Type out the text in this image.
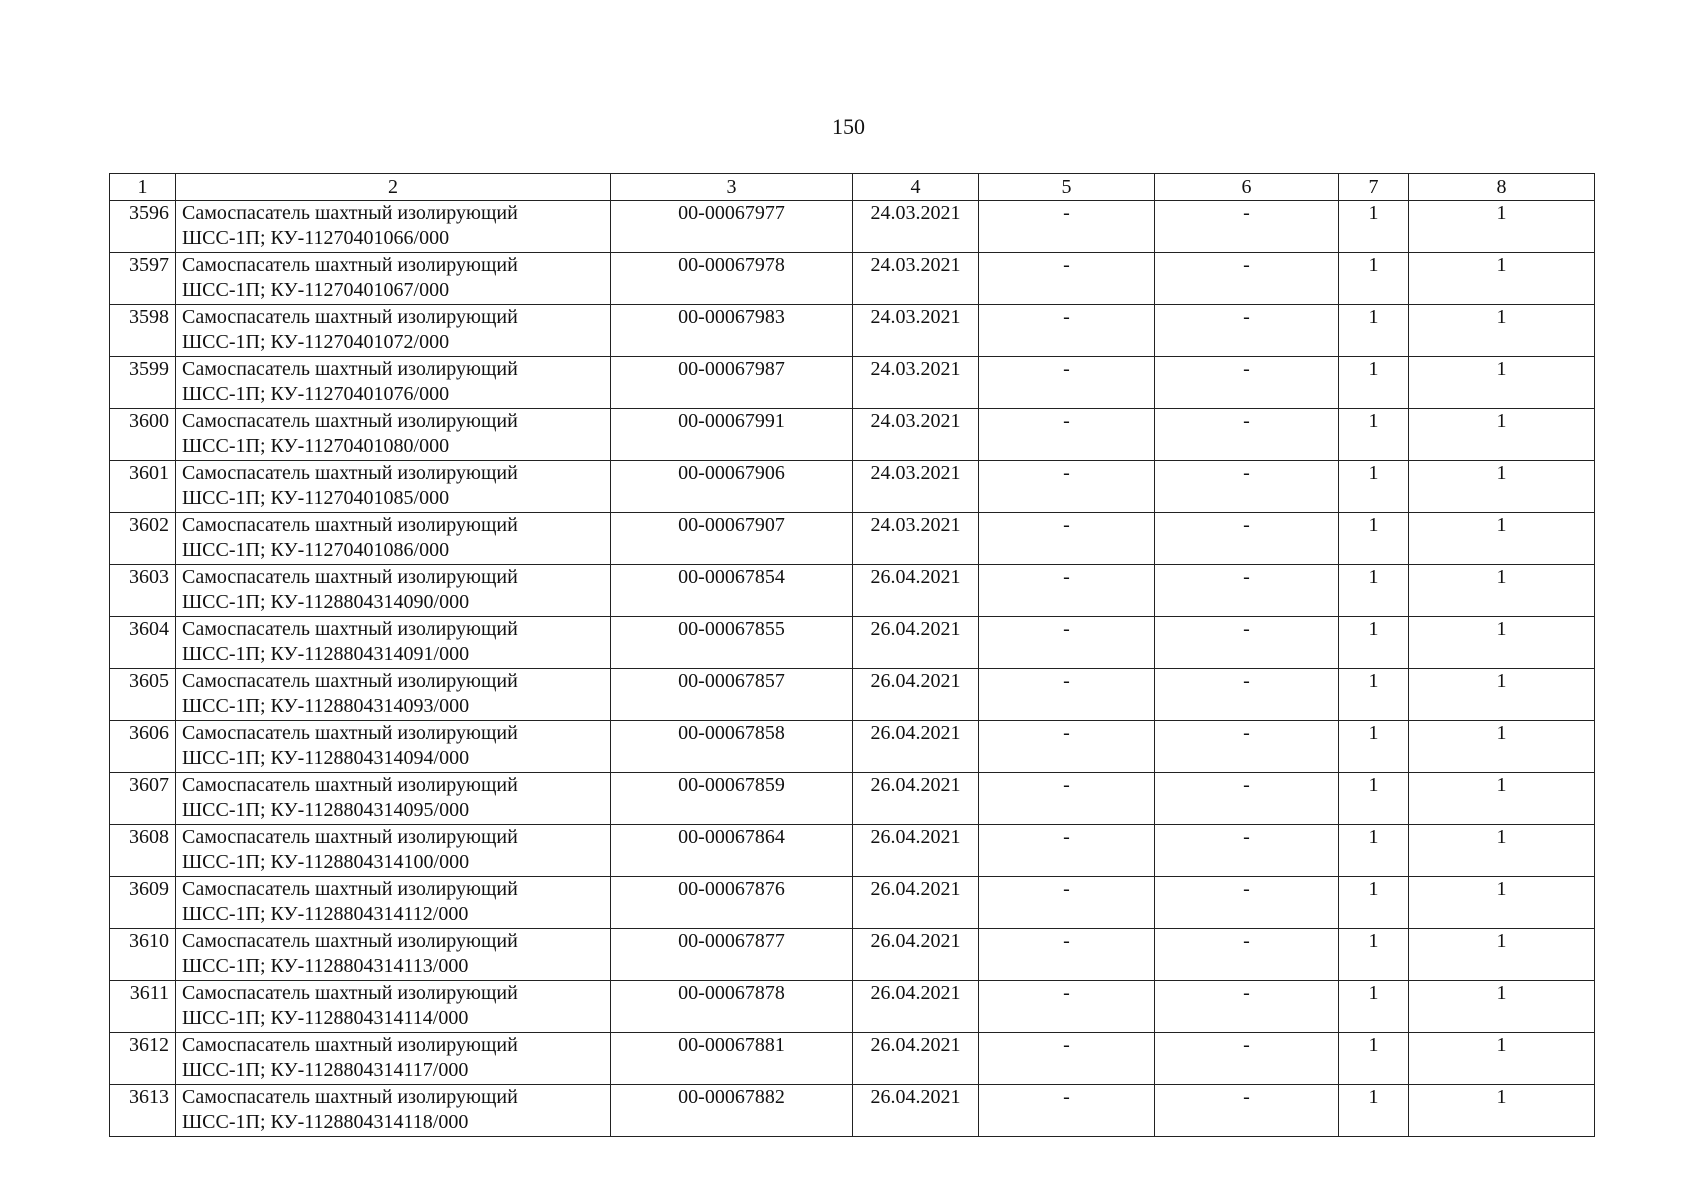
150
1	2	3	4	5	6	7	8
3596	Самоспасатель шахтный изолирующий
ШСС-1П; КУ-11270401066/000	00-00067977	24.03.2021	-	-	1	1
3597	Самоспасатель шахтный изолирующий
ШСС-1П; КУ-11270401067/000	00-00067978	24.03.2021	-	-	1	1
3598	Самоспасатель шахтный изолирующий
ШСС-1П; КУ-11270401072/000	00-00067983	24.03.2021	-	-	1	1
3599	Самоспасатель шахтный изолирующий
ШСС-1П; КУ-11270401076/000	00-00067987	24.03.2021	-	-	1	1
3600	Самоспасатель шахтный изолирующий
ШСС-1П; КУ-11270401080/000	00-00067991	24.03.2021	-	-	1	1
3601	Самоспасатель шахтный изолирующий
ШСС-1П; КУ-11270401085/000	00-00067906	24.03.2021	-	-	1	1
3602	Самоспасатель шахтный изолирующий
ШСС-1П; КУ-11270401086/000	00-00067907	24.03.2021	-	-	1	1
3603	Самоспасатель шахтный изолирующий
ШСС-1П; КУ-1128804314090/000	00-00067854	26.04.2021	-	-	1	1
3604	Самоспасатель шахтный изолирующий
ШСС-1П; КУ-1128804314091/000	00-00067855	26.04.2021	-	-	1	1
3605	Самоспасатель шахтный изолирующий
ШСС-1П; КУ-1128804314093/000	00-00067857	26.04.2021	-	-	1	1
3606	Самоспасатель шахтный изолирующий
ШСС-1П; КУ-1128804314094/000	00-00067858	26.04.2021	-	-	1	1
3607	Самоспасатель шахтный изолирующий
ШСС-1П; КУ-1128804314095/000	00-00067859	26.04.2021	-	-	1	1
3608	Самоспасатель шахтный изолирующий
ШСС-1П; КУ-1128804314100/000	00-00067864	26.04.2021	-	-	1	1
3609	Самоспасатель шахтный изолирующий
ШСС-1П; КУ-1128804314112/000	00-00067876	26.04.2021	-	-	1	1
3610	Самоспасатель шахтный изолирующий
ШСС-1П; КУ-1128804314113/000	00-00067877	26.04.2021	-	-	1	1
3611	Самоспасатель шахтный изолирующий
ШСС-1П; КУ-1128804314114/000	00-00067878	26.04.2021	-	-	1	1
3612	Самоспасатель шахтный изолирующий
ШСС-1П; КУ-1128804314117/000	00-00067881	26.04.2021	-	-	1	1
3613	Самоспасатель шахтный изолирующий
ШСС-1П; КУ-1128804314118/000	00-00067882	26.04.2021	-	-	1	1
